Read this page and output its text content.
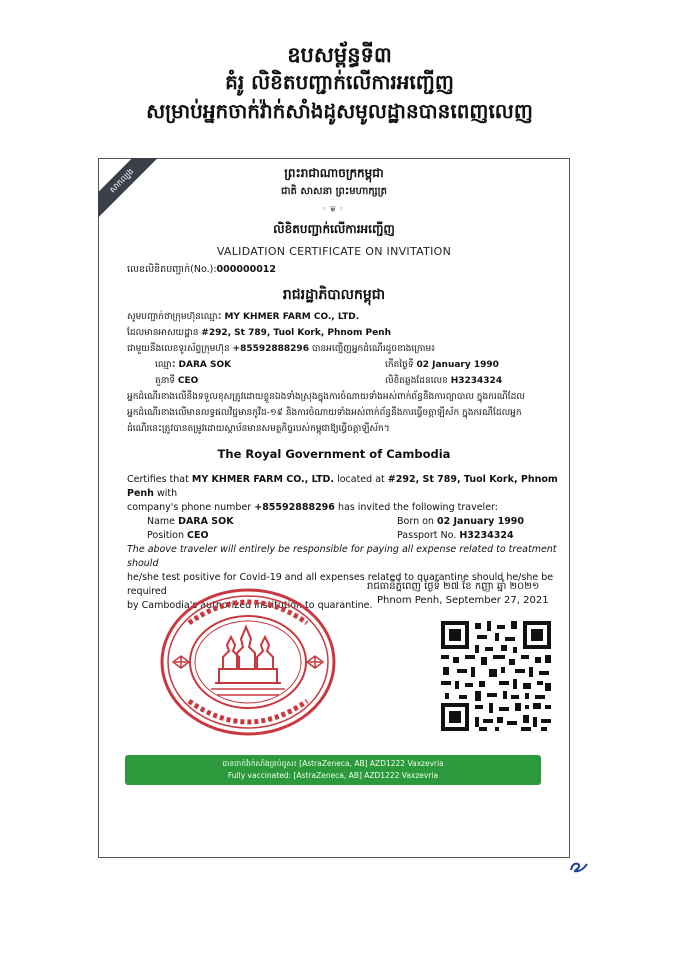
ឧបសម្ព័ន្ធទី៣
គំរូ លិខិតបញ្ជាក់លើការអញ្ជើញ
សម្រាប់អ្នកចាក់វ៉ាក់សាំងដូសមូលដ្ឋានបានពេញលេញ
សាកល្បង	ព្រះរាជាណាចក្រកម្ពុជា
ជាតិ សាសនា ព្រះមហាក្សត្រ
◦❦◦
លិខិតបញ្ជាក់លើការអញ្ជើញ
VALIDATION CERTIFICATE ON INVITATION
លេខលិខិតបញ្ជាក់(No.):000000012
រាជរដ្ឋាភិបាលកម្ពុជា
សូមបញ្ជាក់ថាក្រុមហ៊ុនឈ្មោះ MY KHMER FARM CO., LTD.
ដែលមានអាសយដ្ឋាន #292, St 789, Tuol Kork, Phnom Penh
ជាមួយនឹងលេខទូរស័ព្ទក្រុមហ៊ុន +85592888296 បានអញ្ជើញអ្នកដំណើរដូចខាងក្រោម៖
ឈ្មោះ DARA SOK	កើតថ្ងៃទី 02 January 1990
តួនាទី CEO	លិខិតឆ្លងដែនលេខ H3234324
អ្នកដំណើរខាងលើនឹងទទួលខុសត្រូវដោយខ្លួនឯងទាំងស្រុងក្នុងការចំណាយទាំងអស់ពាក់ព័ន្ធនឹងការព្យាបាល ក្នុងករណីដែល
អ្នកដំណើរខាងលើមានលទ្ធផលវិជ្ជមានកូវីដ-១៩ និងការចំណាយទាំងអស់ពាក់ព័ន្ធនឹងការធ្វើចត្តាឡីស័ក ក្នុងករណីដែលអ្នក
ដំណើរនេះត្រូវបានតម្រូវដោយស្ថាប័នមានសមត្ថកិច្ចរបស់កម្ពុជាឱ្យធ្វើចត្តាឡីស័ក។
The Royal Government of Cambodia
Certifies that MY KHMER FARM CO., LTD. located at #292, St 789, Tuol Kork, Phnom Penh with
company's phone number +85592888296 has invited the following traveler:
Name DARA SOK	Born on 02 January 1990
Position CEO	Passport No. H3234324
The above traveler will entirely be responsible for paying all expense related to treatment should
he/she test positive for Covid-19 and all expenses related to quarantine should he/she be required
by Cambodia's authorized institution to quarantine.
រាជធានីភ្នំពេញ ថ្ងៃទី ២៧ ខែ កញ្ញា ឆ្នាំ ២០២១
Phnom Penh, September 27, 2021
បានចាក់វ៉ាក់សាំងគ្រប់ដូស៖ [AstraZeneca, AB] AZD1222 Vaxzevria
Fully vaccinated: [AstraZeneca, AB] AZD1222 Vaxzevria
